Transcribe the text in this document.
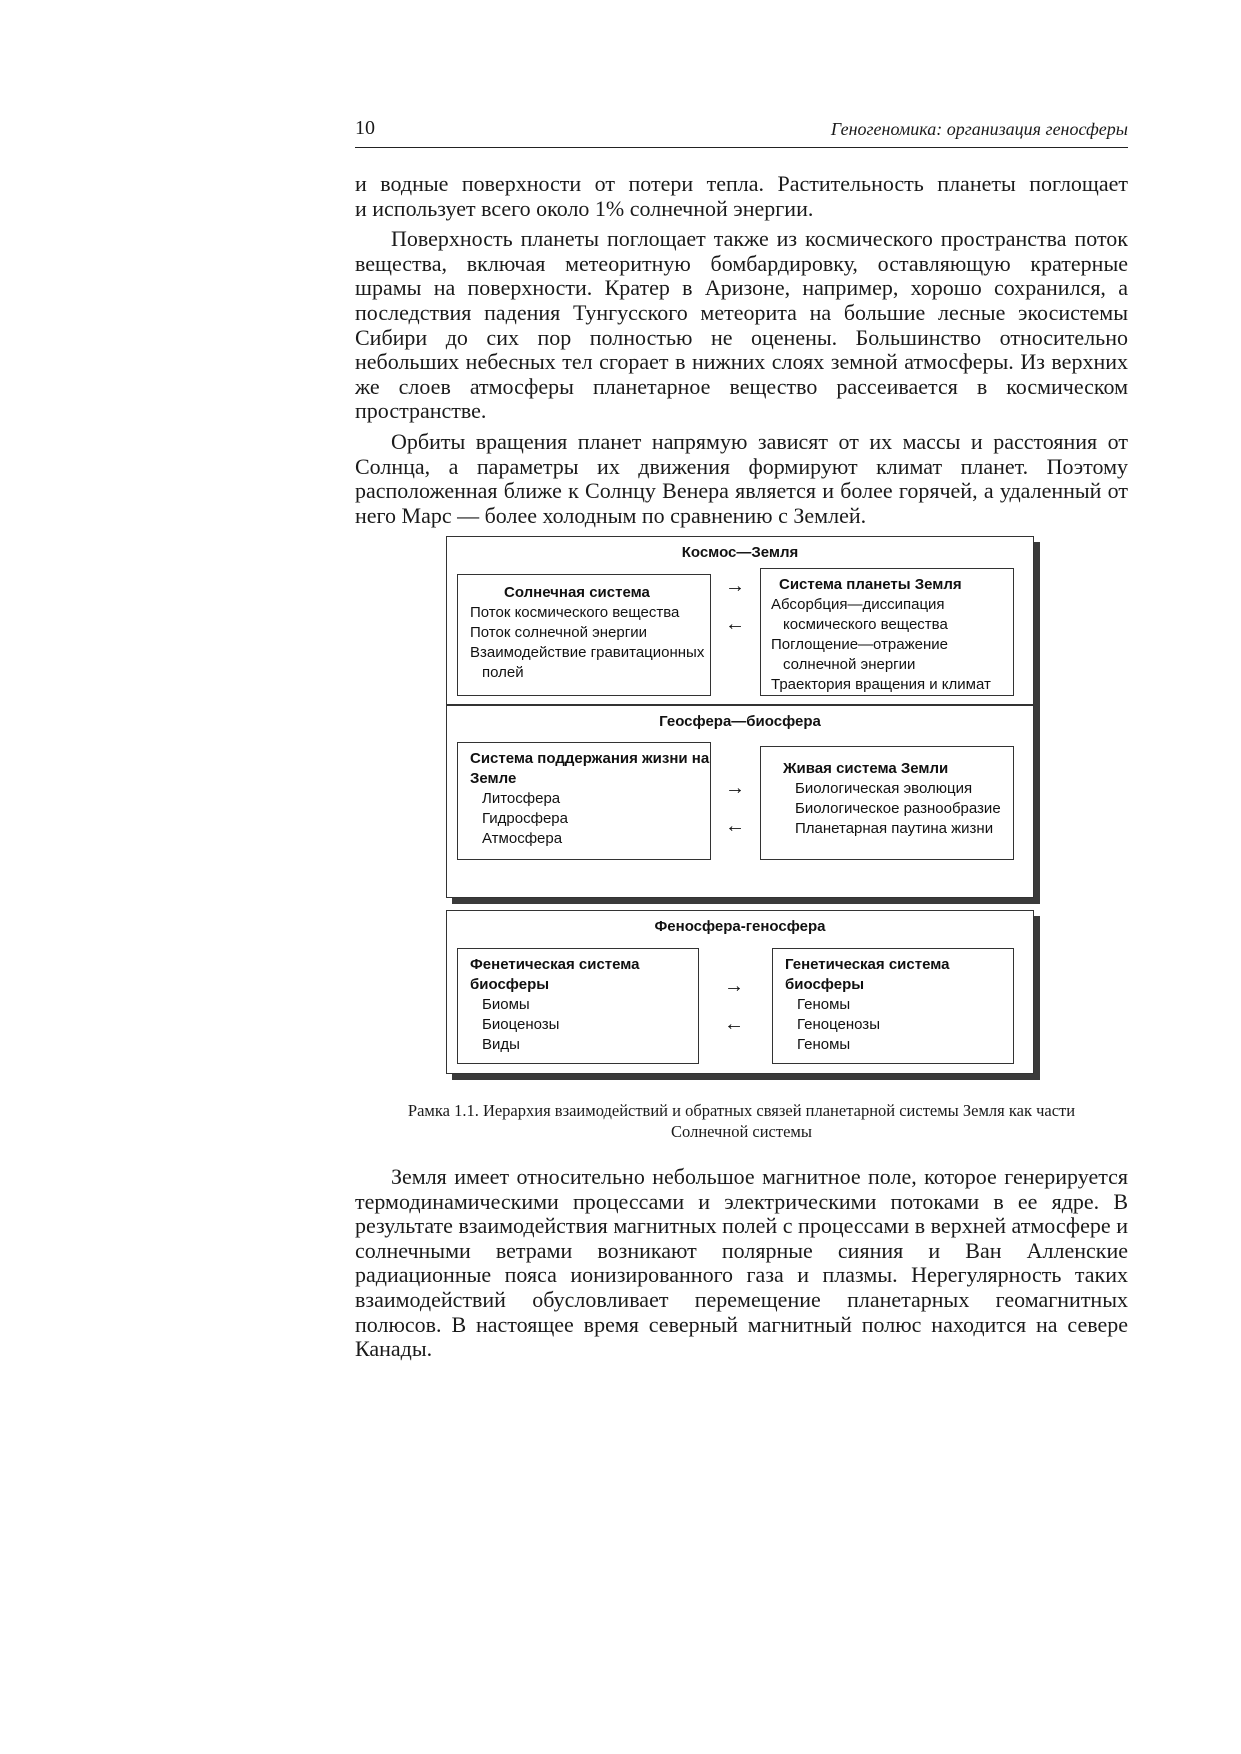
10	Геногеномика: организация геносферы

и водные поверхности от потери тепла. Растительность планеты поглощает
и использует всего около 1% солнечной энергии.

Поверхность планеты поглощает также из космического пространства поток вещества, включая метеоритную бомбардировку, оставляющую кратерные шрамы на поверхности. Кратер в Аризоне, например, хорошо сохранился, а последствия падения Тунгусского метеорита на большие лесные экосистемы Сибири до сих пор полностью не оценены. Большинство относительно небольших небесных тел сгорает в нижних слоях земной атмосферы. Из верхних же слоев атмосферы планетарное вещество рассеивается в космическом пространстве.

Орбиты вращения планет напрямую зависят от их массы и расстояния от Солнца, а параметры их движения формируют климат планет. Поэтому расположенная ближе к Солнцу Венера является и более горячей, а удаленный от него Марс — более холодным по сравнению с Землей.

Космос—Земля
Солнечная система
Поток космического вещества
Поток солнечной энергии
Взаимодействие гравитационных
полей
→
←
Система планеты Земля
Абсорбция—диссипация
космического вещества
Поглощение—отражение
солнечной энергии
Траектория вращения и климат
Геосфера—биосфера
Система поддержания жизни на
Земле
Литосфера
Гидросфера
Атмосфера
→
←
Живая система Земли
Биологическая эволюция
Биологическое разнообразие
Планетарная паутина жизни
Феносфера-геносфера
Фенетическая система
биосферы
Биомы
Биоценозы
Виды
→
←
Генетическая система
биосферы
Геномы
Геноценозы
Геномы
Рамка 1.1. Иерархия взаимодействий и обратных связей планетарной системы Земля как части
Солнечной системы

Земля имеет относительно небольшое магнитное поле, которое генерируется термодинамическими процессами и электрическими потоками в ее ядре. В результате взаимодействия магнитных полей с процессами в верхней атмосфере и солнечными ветрами возникают полярные сияния и Ван Алленские радиационные пояса ионизированного газа и плазмы. Нерегулярность таких взаимодействий обусловливает перемещение планетарных геомагнитных полюсов. В настоящее время северный магнитный полюс находится на севере Канады.
